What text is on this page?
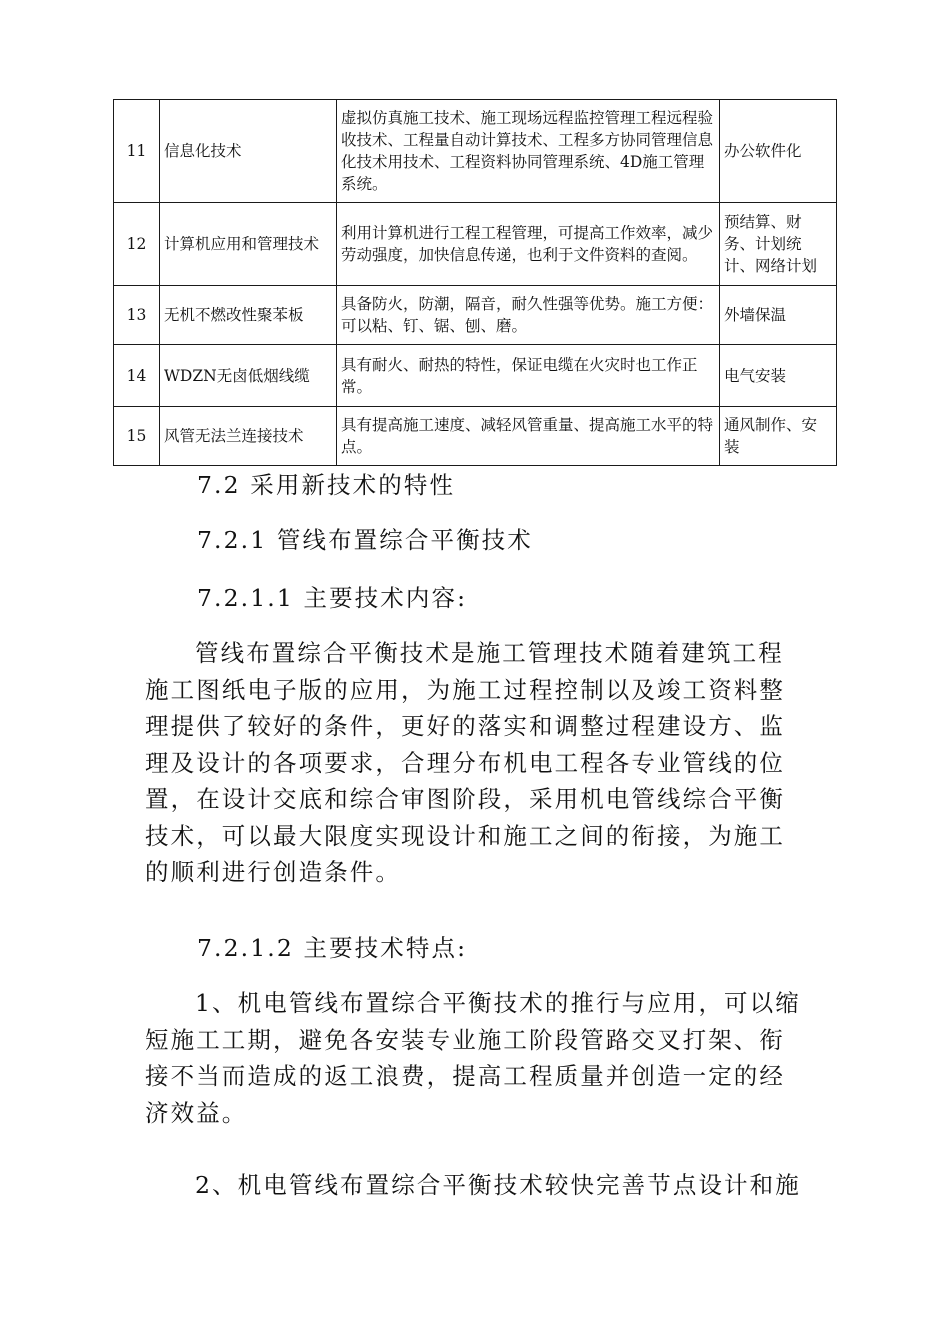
11	信息化技术	虚拟仿真施工技术、施工现场远程监控管理工程远程验收技术、工程量自动计算技术、工程多方协同管理信息化技术用技术、工程资料协同管理系统、4D施工管理系统。	办公软件化
12	计算机应用和管理技术	利用计算机进行工程工程管理，可提高工作效率，减少劳动强度，加快信息传递，也利于文件资料的查阅。	预结算、财务、计划统计、网络计划
13	无机不燃改性聚苯板	具备防火，防潮，隔音，耐久性强等优势。施工方便：可以粘、钉、锯、刨、磨。	外墙保温
14	WDZN无卤低烟线缆	具有耐火、耐热的特性，保证电缆在火灾时也工作正常。	电气安装
15	风管无法兰连接技术	具有提高施工速度、减轻风管重量、提高施工水平的特点。	通风制作、安装

7.2 采用新技术的特性

7.2.1 管线布置综合平衡技术

7.2.1.1 主要技术内容:

管线布置综合平衡技术是施工管理技术随着建筑工程施工图纸电子版的应用，为施工过程控制以及竣工资料整理提供了较好的条件，更好的落实和调整过程建设方、监理及设计的各项要求，合理分布机电工程各专业管线的位置，在设计交底和综合审图阶段，采用机电管线综合平衡技术，可以最大限度实现设计和施工之间的衔接，为施工的顺利进行创造条件。

7.2.1.2 主要技术特点:

1、机电管线布置综合平衡技术的推行与应用，可以缩短施工工期，避免各安装专业施工阶段管路交叉打架、衔接不当而造成的返工浪费，提高工程质量并创造一定的经济效益。

2、机电管线布置综合平衡技术较快完善节点设计和施
